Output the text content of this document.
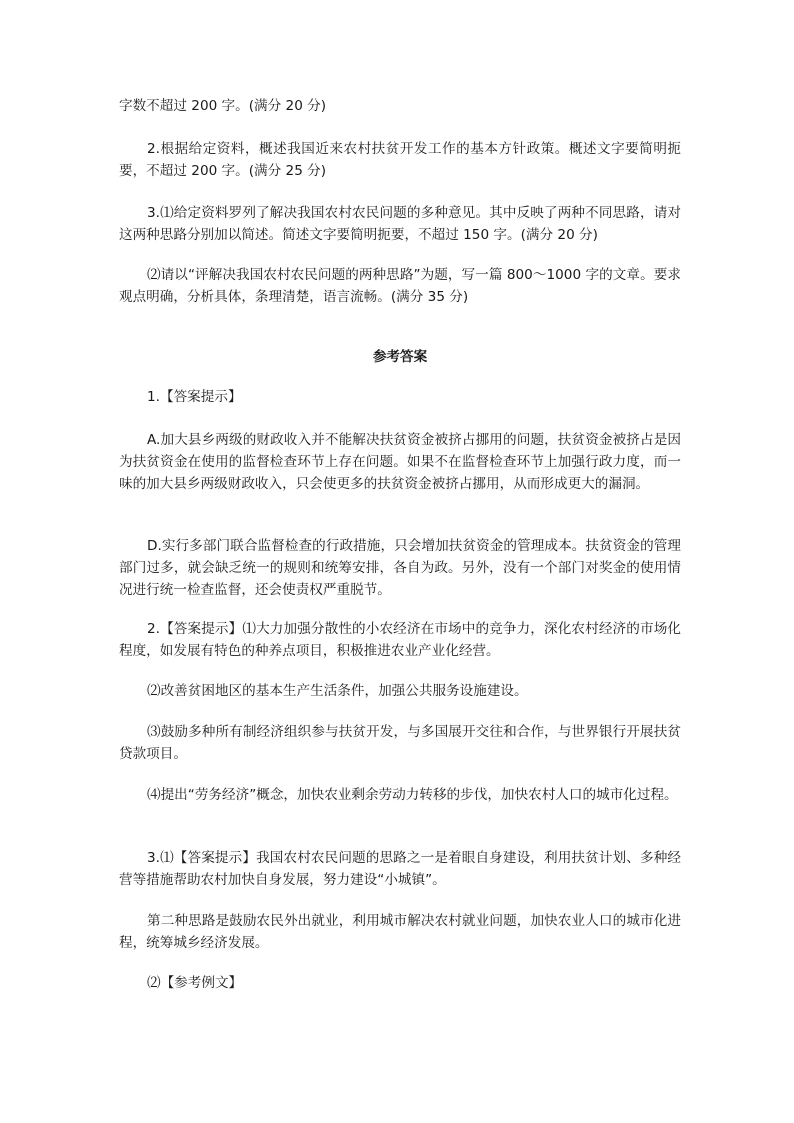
字数不超过 200 字。(满分 20 分)

2.根据给定资料，概述我国近来农村扶贫开发工作的基本方针政策。概述文字要简明扼要，不超过 200 字。(满分 25 分)

3.⑴给定资料罗列了解决我国农村农民问题的多种意见。其中反映了两种不同思路，请对这两种思路分别加以简述。简述文字要简明扼要，不超过 150 字。(满分 20 分)

⑵请以“评解决我国农村农民问题的两种思路”为题，写一篇 800～1000 字的文章。要求观点明确，分析具体，条理清楚，语言流畅。(满分 35 分)

参考答案

1.【答案提示】

A.加大县乡两级的财政收入并不能解决扶贫资金被挤占挪用的问题，扶贫资金被挤占是因为扶贫资金在使用的监督检查环节上存在问题。如果不在监督检查环节上加强行政力度，而一味的加大县乡两级财政收入，只会使更多的扶贫资金被挤占挪用，从而形成更大的漏洞。

D.实行多部门联合监督检查的行政措施，只会增加扶贫资金的管理成本。扶贫资金的管理部门过多，就会缺乏统一的规则和统筹安排，各自为政。另外，没有一个部门对奖金的使用情况进行统一检查监督，还会使责权严重脱节。

2.【答案提示】⑴大力加强分散性的小农经济在市场中的竞争力，深化农村经济的市场化程度，如发展有特色的种养点项目，积极推进农业产业化经营。

⑵改善贫困地区的基本生产生活条件，加强公共服务设施建设。

⑶鼓励多种所有制经济组织参与扶贫开发，与多国展开交往和合作，与世界银行开展扶贫贷款项目。

⑷提出“劳务经济”概念，加快农业剩余劳动力转移的步伐，加快农村人口的城市化过程。

3.⑴【答案提示】我国农村农民问题的思路之一是着眼自身建设，利用扶贫计划、多种经营等措施帮助农村加快自身发展，努力建设“小城镇”。

第二种思路是鼓励农民外出就业，利用城市解决农村就业问题，加快农业人口的城市化进程，统筹城乡经济发展。

⑵【参考例文】
